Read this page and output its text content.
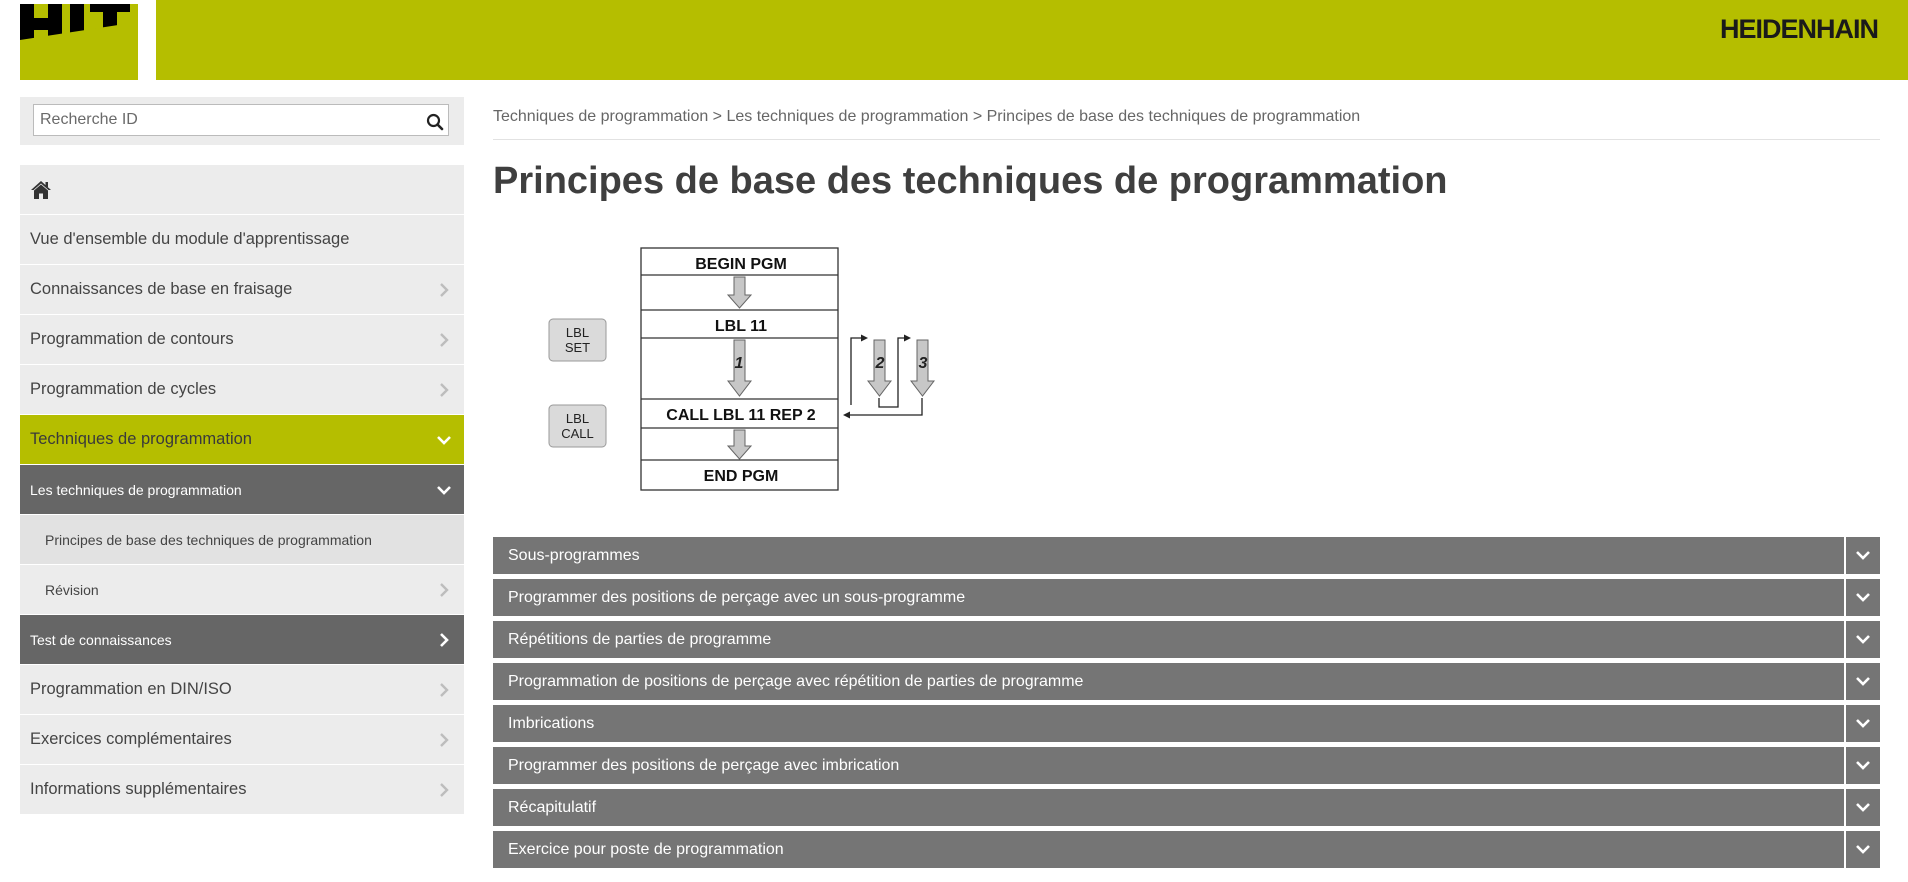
HEIDENHAIN
Recherche ID
Vue d'ensemble du module d'apprentissage
Connaissances de base en fraisage
Programmation de contours
Programmation de cycles
Techniques de programmation
Les techniques de programmation
Principes de base des techniques de programmation
Révision
Test de connaissances
Programmation en DIN/ISO
Exercices complémentaires
Informations supplémentaires
Techniques de programmation > Les techniques de programmation > Principes de base des techniques de programmation
Principes de base des techniques de programmation
BEGIN PGM
LBL 11
CALL LBL 11 REP 2
END PGM
1	2 3
LBL
SET
LBL
CALL
Sous-programmes
Programmer des positions de perçage avec un sous-programme
Répétitions de parties de programme
Programmation de positions de perçage avec répétition de parties de programme
Imbrications
Programmer des positions de perçage avec imbrication
Récapitulatif
Exercice pour poste de programmation
